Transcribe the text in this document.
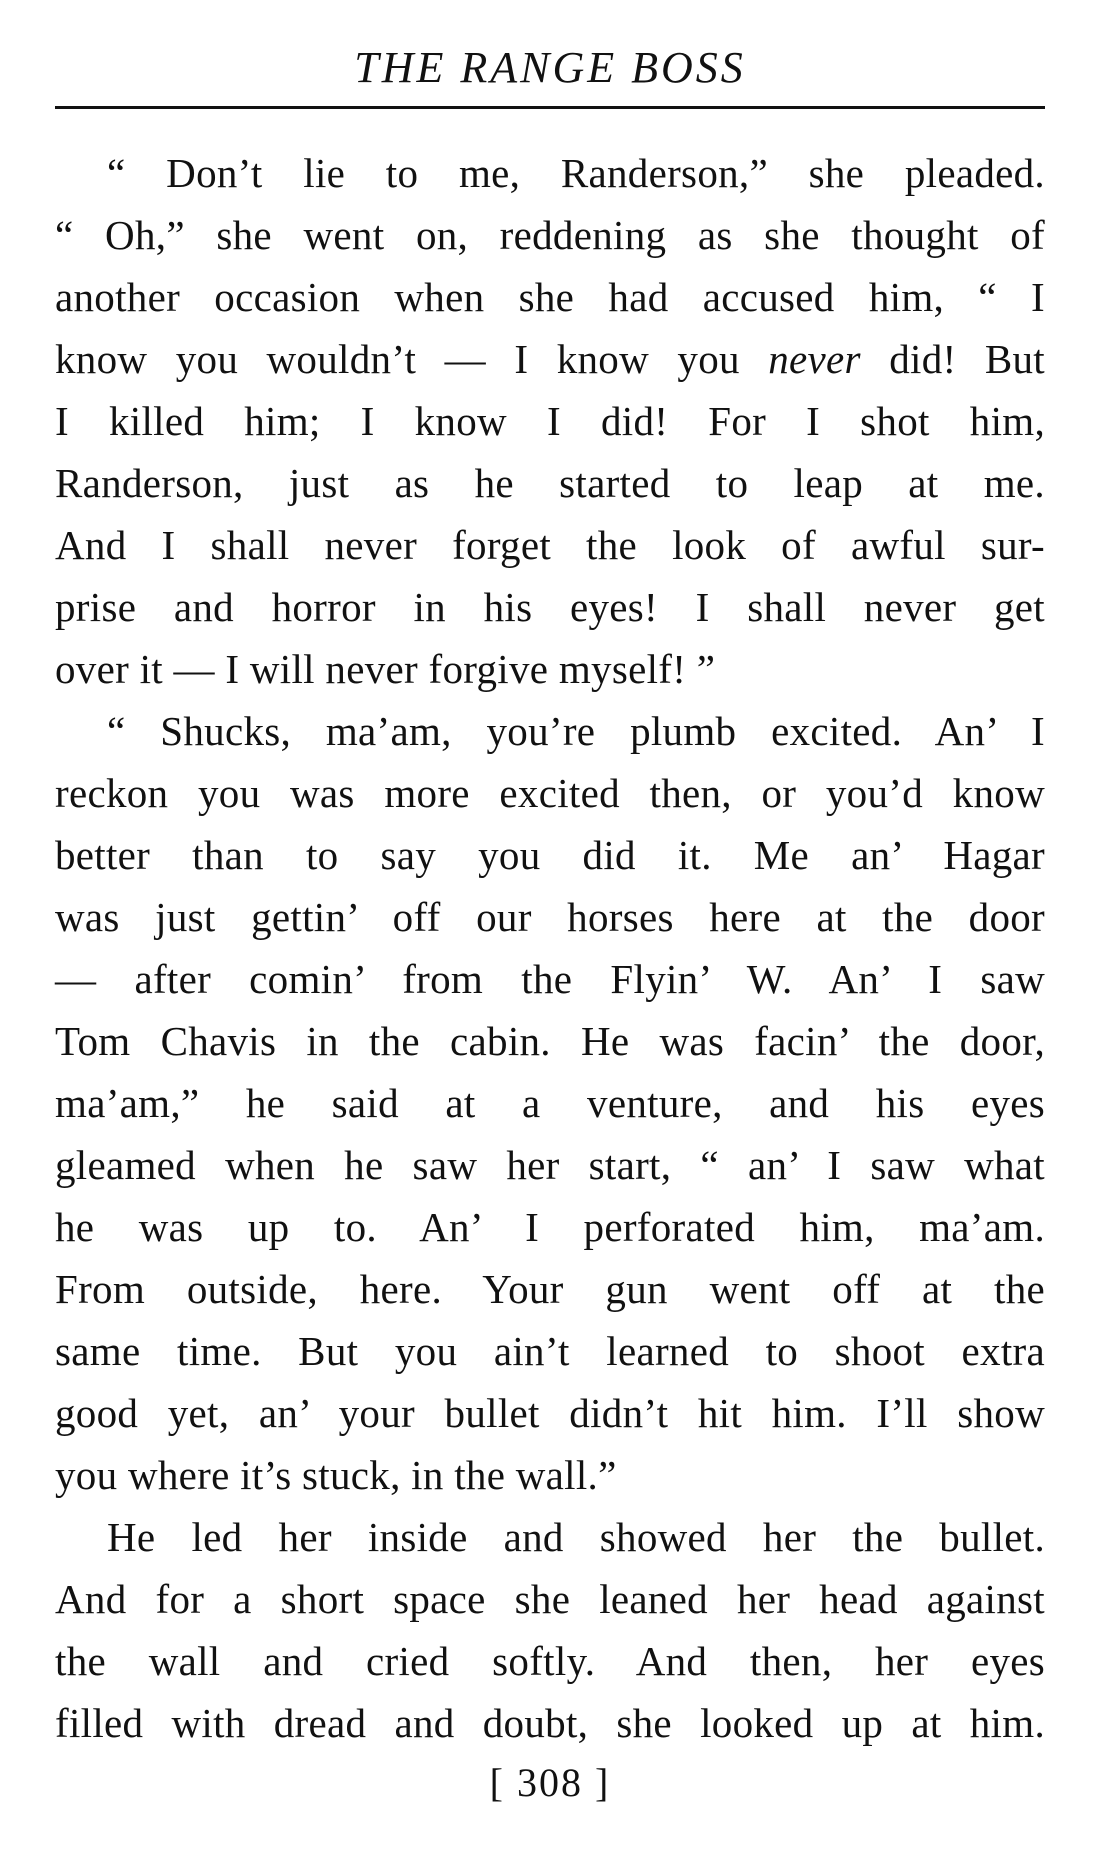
THE RANGE BOSS

“ Don’t lie to me, Randerson,” she pleaded.
“ Oh,” she went on, reddening as she thought of
another occasion when she had accused him, “ I
know you wouldn’t — I know you never did! But
I killed him; I know I did! For I shot him,
Randerson, just as he started to leap at me.
And I shall never forget the look of awful sur-
prise and horror in his eyes! I shall never get
over it — I will never forgive myself! ”

“ Shucks, ma’am, you’re plumb excited. An’ I
reckon you was more excited then, or you’d know
better than to say you did it. Me an’ Hagar
was just gettin’ off our horses here at the door
— after comin’ from the Flyin’ W. An’ I saw
Tom Chavis in the cabin. He was facin’ the door,
ma’am,” he said at a venture, and his eyes
gleamed when he saw her start, “ an’ I saw what
he was up to. An’ I perforated him, ma’am.
From outside, here. Your gun went off at the
same time. But you ain’t learned to shoot extra
good yet, an’ your bullet didn’t hit him. I’ll show
you where it’s stuck, in the wall.”

He led her inside and showed her the bullet.
And for a short space she leaned her head against
the wall and cried softly. And then, her eyes
filled with dread and doubt, she looked up at him.

[ 308 ]
